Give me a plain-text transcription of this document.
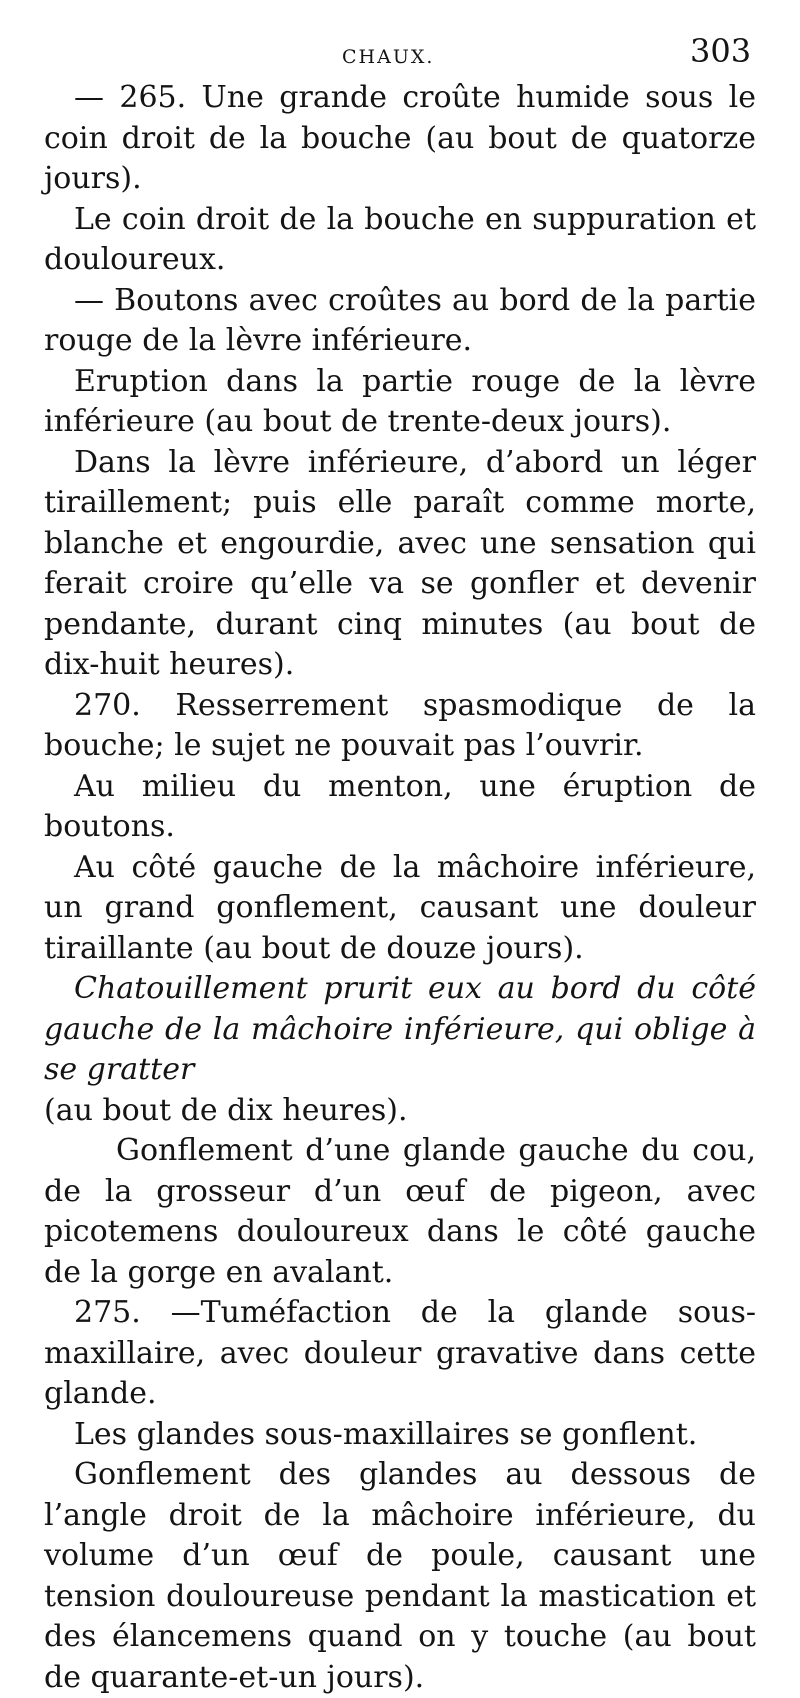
CHAUX.	303

— 265. Une grande croûte humide sous le coin droit de la bouche (au bout de quatorze jours).

Le coin droit de la bouche en suppuration et douloureux.

— Boutons avec croûtes au bord de la partie rouge de la lèvre inférieure.

Eruption dans la partie rouge de la lèvre inférieure (au bout de trente-deux jours).

Dans la lèvre inférieure, d’abord un léger tiraillement; puis elle paraît comme morte, blanche et engourdie, avec une sensation qui ferait croire qu’elle va se gonfler et devenir pendante, durant cinq minutes (au bout de dix-huit heures).

270. Resserrement spasmodique de la bouche; le sujet ne pouvait pas l’ouvrir.

Au milieu du menton, une éruption de boutons.

Au côté gauche de la mâchoire inférieure, un grand gonflement, causant une douleur tiraillante (au bout de douze jours).

Chatouillement prurit eux au bord du côté gauche de la mâchoire inférieure, qui oblige à se gratter

(au bout de dix heures).

Gonflement d’une glande gauche du cou, de la grosseur d’un œuf de pigeon, avec picotemens douloureux dans le côté gauche de la gorge en avalant.

275. —Tuméfaction de la glande sous-maxillaire, avec douleur gravative dans cette glande.

Les glandes sous-maxillaires se gonflent.

Gonflement des glandes au dessous de l’angle droit de la mâchoire inférieure, du volume d’un œuf de poule, causant une tension douloureuse pendant la mastication et des élancemens quand on y touche (au bout de quarante-et-un jours).
